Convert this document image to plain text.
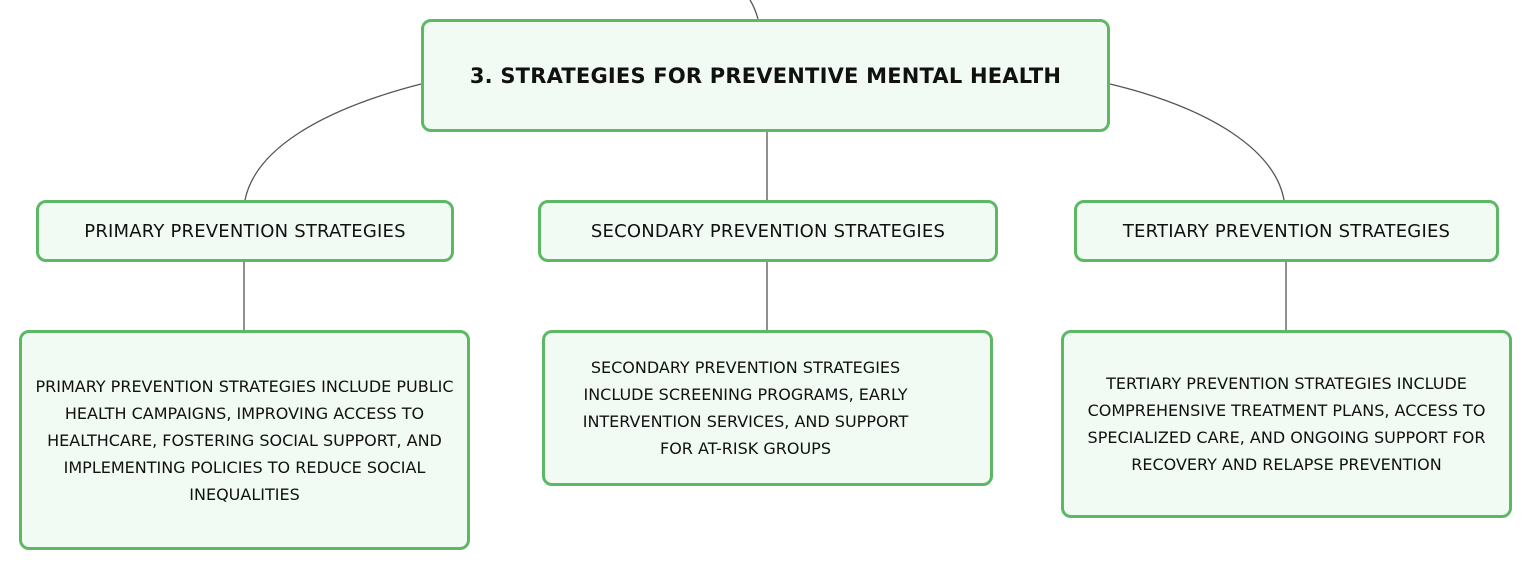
3. STRATEGIES FOR PREVENTIVE MENTAL HEALTH
PRIMARY PREVENTION STRATEGIES	SECONDARY PREVENTION STRATEGIES	TERTIARY PREVENTION STRATEGIES
PRIMARY PREVENTION STRATEGIES INCLUDE PUBLIC HEALTH CAMPAIGNS, IMPROVING ACCESS TO HEALTHCARE, FOSTERING SOCIAL SUPPORT, AND IMPLEMENTING POLICIES TO REDUCE SOCIAL INEQUALITIES
SECONDARY PREVENTION STRATEGIES INCLUDE SCREENING PROGRAMS, EARLY INTERVENTION SERVICES, AND SUPPORT FOR AT-RISK GROUPS
TERTIARY PREVENTION STRATEGIES INCLUDE COMPREHENSIVE TREATMENT PLANS, ACCESS TO SPECIALIZED CARE, AND ONGOING SUPPORT FOR RECOVERY AND RELAPSE PREVENTION
